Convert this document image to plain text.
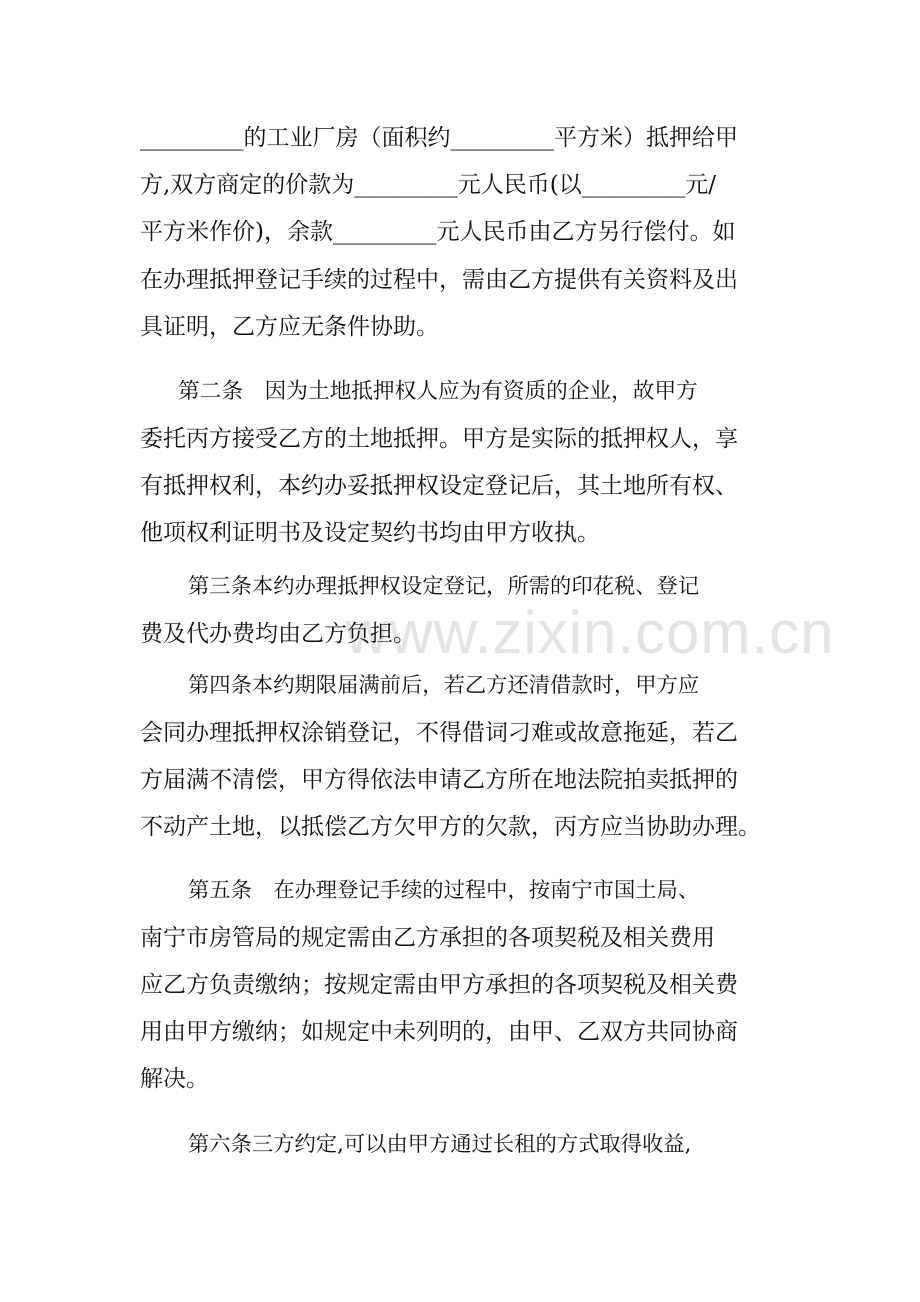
www.zixin.com.cn
_________的工业厂房（面积约_________平方米）抵押给甲
方,双方商定的价款为_________元人民币(以_________元/
平方米作价)，余款_________元人民币由乙方另行偿付。如
在办理抵押登记手续的过程中，需由乙方提供有关资料及出
具证明，乙方应无条件协助。
第二条　因为土地抵押权人应为有资质的企业，故甲方
委托丙方接受乙方的土地抵押。甲方是实际的抵押权人，享
有抵押权利，本约办妥抵押权设定登记后，其土地所有权、
他项权利证明书及设定契约书均由甲方收执。
第三条本约办理抵押权设定登记，所需的印花税、登记
费及代办费均由乙方负担。
第四条本约期限届满前后，若乙方还清借款时，甲方应
会同办理抵押权涂销登记，不得借词刁难或故意拖延，若乙
方届满不清偿，甲方得依法申请乙方所在地法院拍卖抵押的
不动产土地，以抵偿乙方欠甲方的欠款，丙方应当协助办理。
第五条　在办理登记手续的过程中，按南宁市国土局、
南宁市房管局的规定需由乙方承担的各项契税及相关费用
应乙方负责缴纳；按规定需由甲方承担的各项契税及相关费
用由甲方缴纳；如规定中未列明的，由甲、乙双方共同协商
解决。
第六条三方约定,可以由甲方通过长租的方式取得收益,
